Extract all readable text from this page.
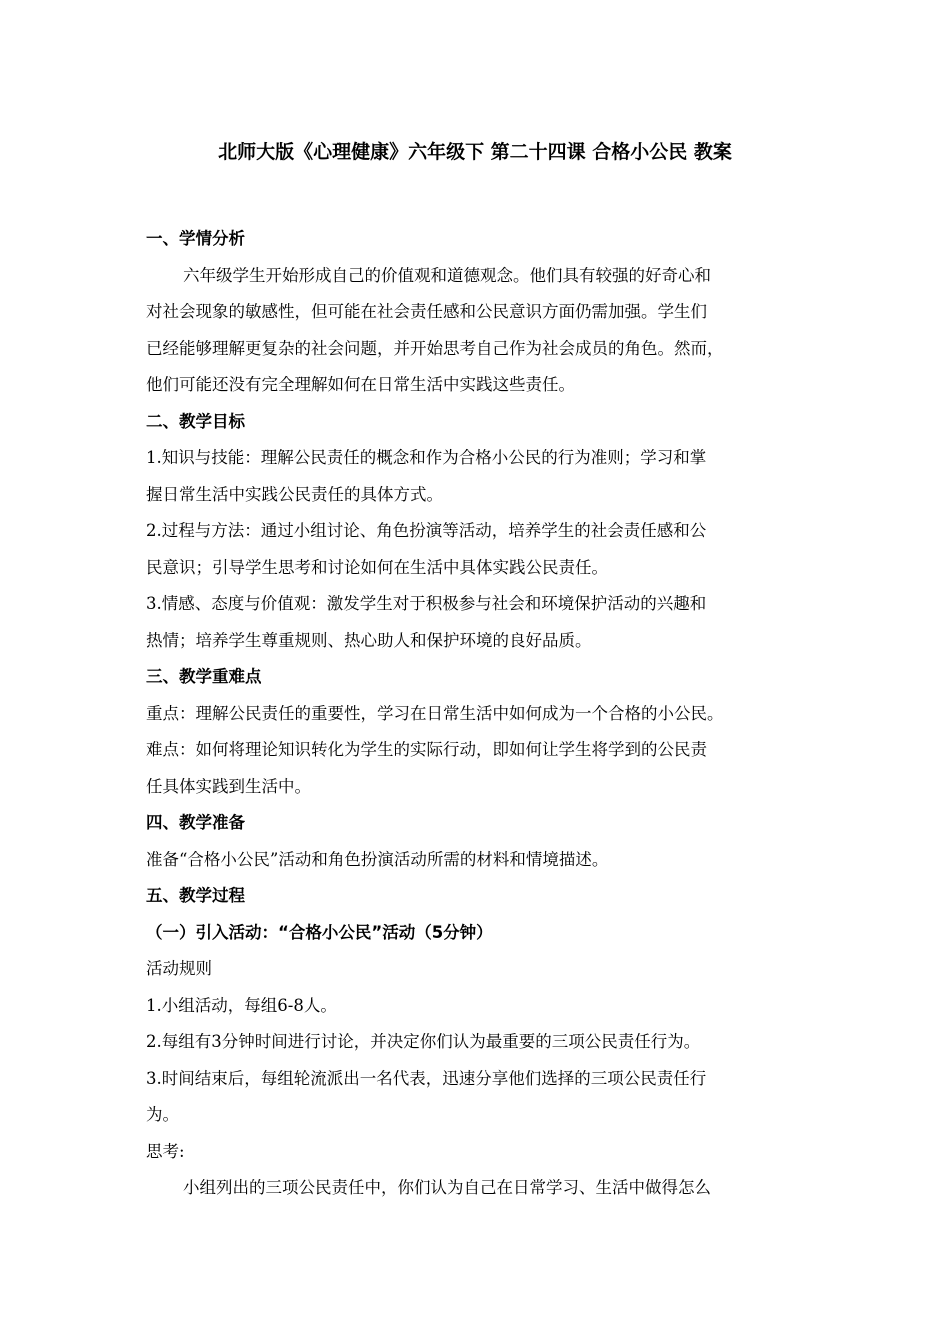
北师大版《心理健康》六年级下 第二十四课 合格小公民 教案
一、学情分析
六年级学生开始形成自己的价值观和道德观念。他们具有较强的好奇心和
对社会现象的敏感性，但可能在社会责任感和公民意识方面仍需加强。学生们
已经能够理解更复杂的社会问题，并开始思考自己作为社会成员的角色。然而，
他们可能还没有完全理解如何在日常生活中实践这些责任。
二、教学目标
1.知识与技能：理解公民责任的概念和作为合格小公民的行为准则；学习和掌
握日常生活中实践公民责任的具体方式。
2.过程与方法：通过小组讨论、角色扮演等活动，培养学生的社会责任感和公
民意识；引导学生思考和讨论如何在生活中具体实践公民责任。
3.情感、态度与价值观：激发学生对于积极参与社会和环境保护活动的兴趣和
热情；培养学生尊重规则、热心助人和保护环境的良好品质。
三、教学重难点
重点：理解公民责任的重要性，学习在日常生活中如何成为一个合格的小公民。
难点：如何将理论知识转化为学生的实际行动，即如何让学生将学到的公民责
任具体实践到生活中。
四、教学准备
准备“合格小公民”活动和角色扮演活动所需的材料和情境描述。
五、教学过程
（一）引入活动：“合格小公民”活动（5分钟）
活动规则
1.小组活动，每组6-8人。
2.每组有3分钟时间进行讨论，并决定你们认为最重要的三项公民责任行为。
3.时间结束后，每组轮流派出一名代表，迅速分享他们选择的三项公民责任行
为。
思考:
小组列出的三项公民责任中，你们认为自己在日常学习、生活中做得怎么
